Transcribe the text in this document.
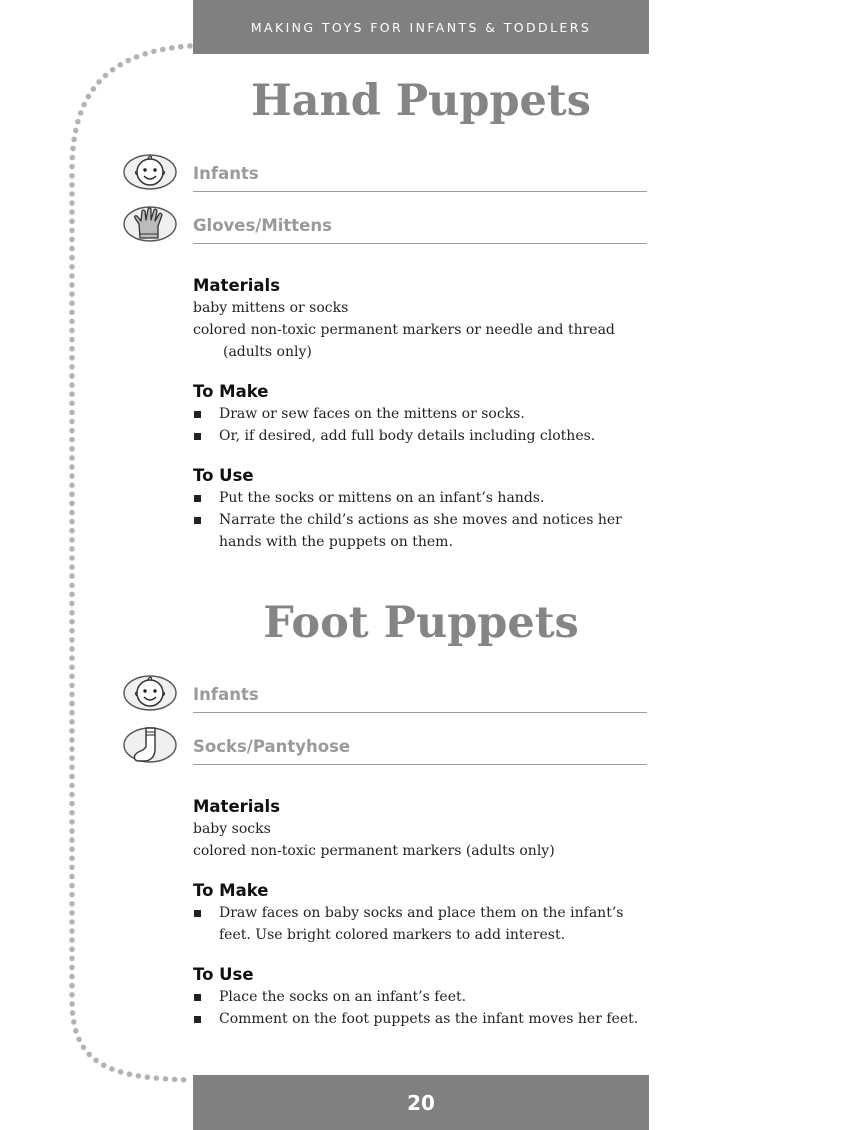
MAKING TOYS FOR INFANTS & TODDLERS
Hand Puppets
Infants
Gloves/Mittens
Materials
baby mittens or socks
colored non-toxic permanent markers or needle and thread (adults only)
To Make
Draw or sew faces on the mittens or socks.
Or, if desired, add full body details including clothes.
To Use
Put the socks or mittens on an infant’s hands.
Narrate the child’s actions as she moves and notices her hands with the puppets on them.
Foot Puppets
Infants
Socks/Pantyhose
Materials
baby socks
colored non-toxic permanent markers (adults only)
To Make
Draw faces on baby socks and place them on the infant’s feet. Use bright colored markers to add interest.
To Use
Place the socks on an infant’s feet.
Comment on the foot puppets as the infant moves her feet.
20
